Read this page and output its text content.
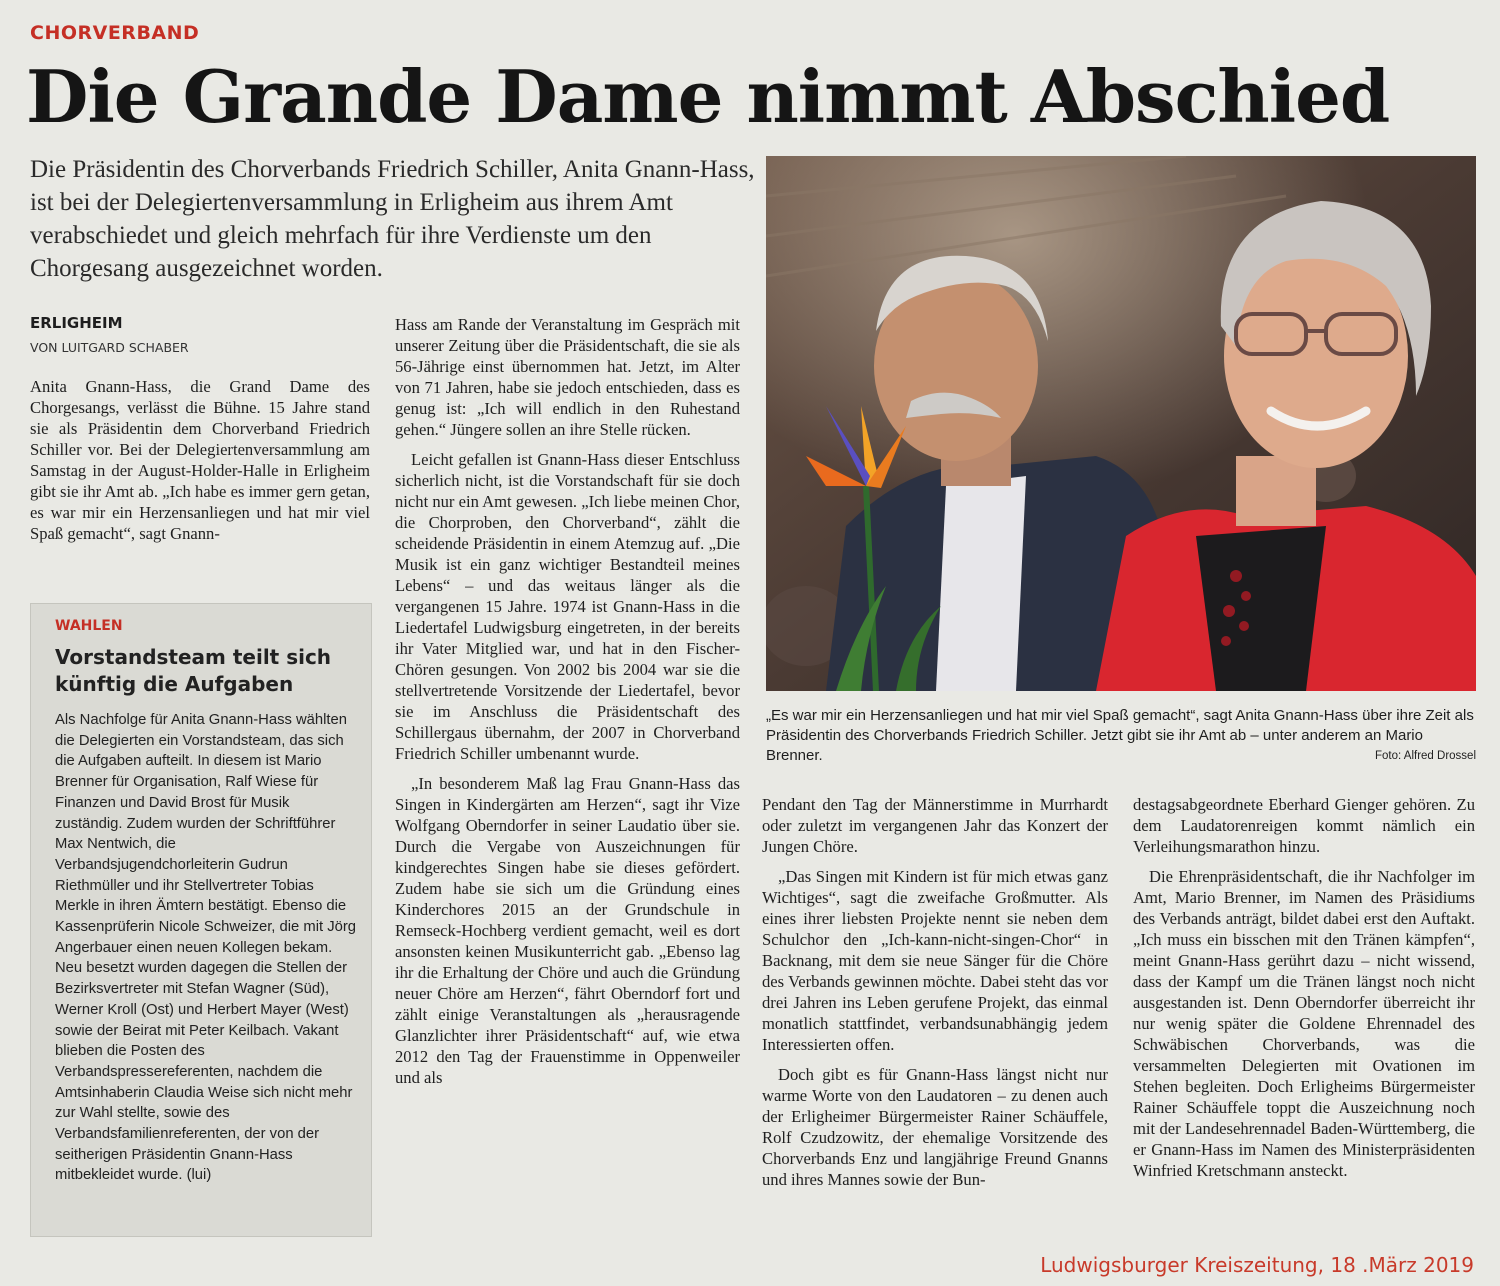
CHORVERBAND
Die Grande Dame nimmt Abschied
Die Präsidentin des Chorverbands Friedrich Schiller, Anita Gnann-Hass, ist bei der Delegiertenversammlung in Erligheim aus ihrem Amt verabschiedet und gleich mehrfach für ihre Verdienste um den Chorgesang ausgezeichnet worden.
ERLIGHEIM
VON LUITGARD SCHABER

Anita Gnann-Hass, die Grand Dame des Chorgesangs, verlässt die Bühne. 15 Jahre stand sie als Präsidentin dem Chorverband Friedrich Schiller vor. Bei der Delegiertenversammlung am Samstag in der August-Holder-Halle in Erligheim gibt sie ihr Amt ab. „Ich habe es immer gern getan, es war mir ein Herzensanliegen und hat mir viel Spaß gemacht“, sagt Gnann-

WAHLEN
Vorstandsteam teilt sich künftig die Aufgaben
Als Nachfolge für Anita Gnann-Hass wählten die Delegierten ein Vorstandsteam, das sich die Aufgaben aufteilt. In diesem ist Mario Brenner für Organisation, Ralf Wiese für Finanzen und David Brost für Musik zuständig. Zudem wurden der Schriftführer Max Nentwich, die Verbandsjugendchorleiterin Gudrun Riethmüller und ihr Stellvertreter Tobias Merkle in ihren Ämtern bestätigt. Ebenso die Kassenprüferin Nicole Schweizer, die mit Jörg Angerbauer einen neuen Kollegen bekam.
Neu besetzt wurden dagegen die Stellen der Bezirksvertreter mit Stefan Wagner (Süd), Werner Kroll (Ost) und Herbert Mayer (West) sowie der Beirat mit Peter Keilbach. Vakant blieben die Posten des Verbandspressereferenten, nachdem die Amtsinhaberin Claudia Weise sich nicht mehr zur Wahl stellte, sowie des Verbandsfamilienreferenten, der von der seitherigen Präsidentin Gnann-Hass mitbekleidet wurde. (lui)

Hass am Rande der Veranstaltung im Gespräch mit unserer Zeitung über die Präsidentschaft, die sie als 56-Jährige einst übernommen hat. Jetzt, im Alter von 71 Jahren, habe sie jedoch entschieden, dass es genug ist: „Ich will endlich in den Ruhestand gehen.“ Jüngere sollen an ihre Stelle rücken.

Leicht gefallen ist Gnann-Hass dieser Entschluss sicherlich nicht, ist die Vorstandschaft für sie doch nicht nur ein Amt gewesen. „Ich liebe meinen Chor, die Chorproben, den Chorverband“, zählt die scheidende Präsidentin in einem Atemzug auf. „Die Musik ist ein ganz wichtiger Bestandteil meines Lebens“ – und das weitaus länger als die vergangenen 15 Jahre. 1974 ist Gnann-Hass in die Liedertafel Ludwigsburg eingetreten, in der bereits ihr Vater Mitglied war, und hat in den Fischer-Chören gesungen. Von 2002 bis 2004 war sie die stellvertretende Vorsitzende der Liedertafel, bevor sie im Anschluss die Präsidentschaft des Schillergaus übernahm, der 2007 in Chorverband Friedrich Schiller umbenannt wurde.

„In besonderem Maß lag Frau Gnann-Hass das Singen in Kindergärten am Herzen“, sagt ihr Vize Wolfgang Oberndorfer in seiner Laudatio über sie. Durch die Vergabe von Auszeichnungen für kindgerechtes Singen habe sie dieses gefördert. Zudem habe sie sich um die Gründung eines Kinderchores 2015 an der Grundschule in Remseck-Hochberg verdient gemacht, weil es dort ansonsten keinen Musikunterricht gab. „Ebenso lag ihr die Erhaltung der Chöre und auch die Gründung neuer Chöre am Herzen“, fährt Oberndorf fort und zählt einige Veranstaltungen als „herausragende Glanzlichter ihrer Präsidentschaft“ auf, wie etwa 2012 den Tag der Frauenstimme in Oppenweiler und als

„Es war mir ein Herzensanliegen und hat mir viel Spaß gemacht“, sagt Anita Gnann-Hass über ihre Zeit als Präsidentin des Chorverbands Friedrich Schiller. Jetzt gibt sie ihr Amt ab – unter anderem an Mario Brenner.	Foto: Alfred Drossel

Pendant den Tag der Männerstimme in Murrhardt oder zuletzt im vergangenen Jahr das Konzert der Jungen Chöre.

„Das Singen mit Kindern ist für mich etwas ganz Wichtiges“, sagt die zweifache Großmutter. Als eines ihrer liebsten Projekte nennt sie neben dem Schulchor den „Ich-kann-nicht-singen-Chor“ in Backnang, mit dem sie neue Sänger für die Chöre des Verbands gewinnen möchte. Dabei steht das vor drei Jahren ins Leben gerufene Projekt, das einmal monatlich stattfindet, verbandsunabhängig jedem Interessierten offen.

Doch gibt es für Gnann-Hass längst nicht nur warme Worte von den Laudatoren – zu denen auch der Erligheimer Bürgermeister Rainer Schäuffele, Rolf Czudzowitz, der ehemalige Vorsitzende des Chorverbands Enz und langjährige Freund Gnanns und ihres Mannes sowie der Bun-

destagsabgeordnete Eberhard Gienger gehören. Zu dem Laudatorenreigen kommt nämlich ein Verleihungsmarathon hinzu.

Die Ehrenpräsidentschaft, die ihr Nachfolger im Amt, Mario Brenner, im Namen des Präsidiums des Verbands anträgt, bildet dabei erst den Auftakt. „Ich muss ein bisschen mit den Tränen kämpfen“, meint Gnann-Hass gerührt dazu – nicht wissend, dass der Kampf um die Tränen längst noch nicht ausgestanden ist. Denn Oberndorfer überreicht ihr nur wenig später die Goldene Ehrennadel des Schwäbischen Chorverbands, was die versammelten Delegierten mit Ovationen im Stehen begleiten. Doch Erligheims Bürgermeister Rainer Schäuffele toppt die Auszeichnung noch mit der Landesehrennadel Baden-Württemberg, die er Gnann-Hass im Namen des Ministerpräsidenten Winfried Kretschmann ansteckt.

Ludwigsburger Kreiszeitung, 18 .März 2019
